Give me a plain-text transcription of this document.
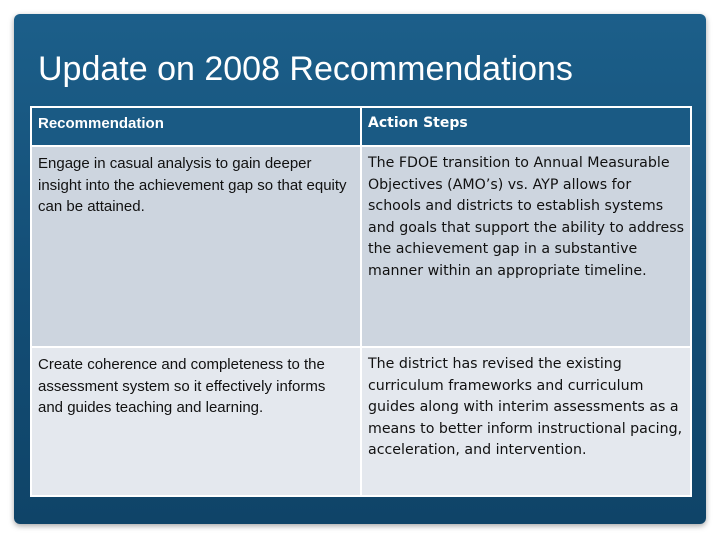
Update on 2008 Recommendations
Recommendation	Action Steps
Engage in casual analysis to gain deeper insight into the achievement gap so that equity can be attained.	The FDOE transition to Annual Measurable Objectives (AMO’s) vs. AYP allows for schools and districts to establish systems and goals that support the ability to address the achievement gap in a substantive manner within an appropriate timeline.
Create coherence and completeness to the assessment system so it effectively informs and guides teaching and learning.	The district has revised the existing curriculum frameworks and curriculum guides along with interim assessments as a means to better inform instructional pacing, acceleration, and intervention.
